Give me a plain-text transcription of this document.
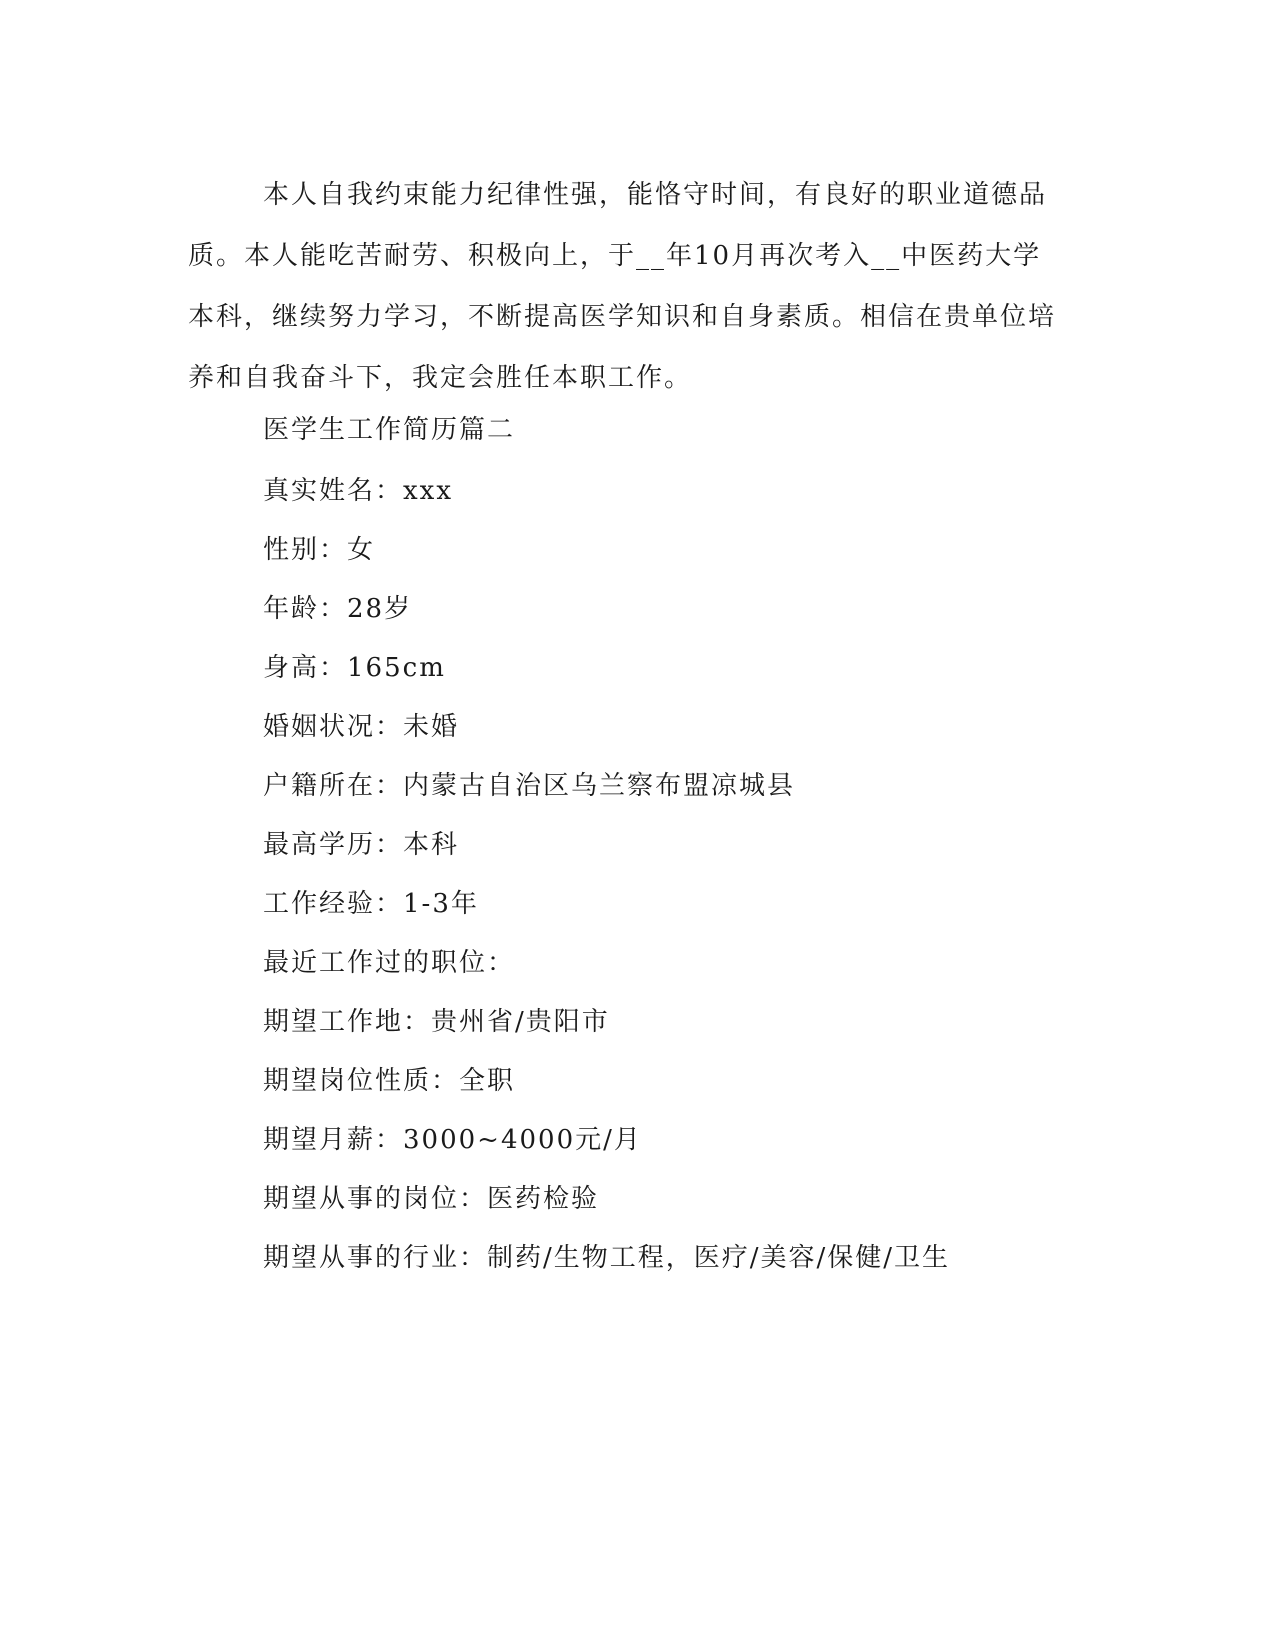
本人自我约束能力纪律性强，能恪守时间，有良好的职业道德品质。本人能吃苦耐劳、积极向上，于__年10月再次考入__中医药大学本科，继续努力学习，不断提高医学知识和自身素质。相信在贵单位培养和自我奋斗下，我定会胜任本职工作。

医学生工作简历篇二

真实姓名：xxx

性别：女

年龄：28岁

身高：165cm

婚姻状况：未婚

户籍所在：内蒙古自治区乌兰察布盟凉城县

最高学历：本科

工作经验：1-3年

最近工作过的职位：

期望工作地：贵州省/贵阳市

期望岗位性质：全职

期望月薪：3000~4000元/月

期望从事的岗位：医药检验

期望从事的行业：制药/生物工程，医疗/美容/保健/卫生
